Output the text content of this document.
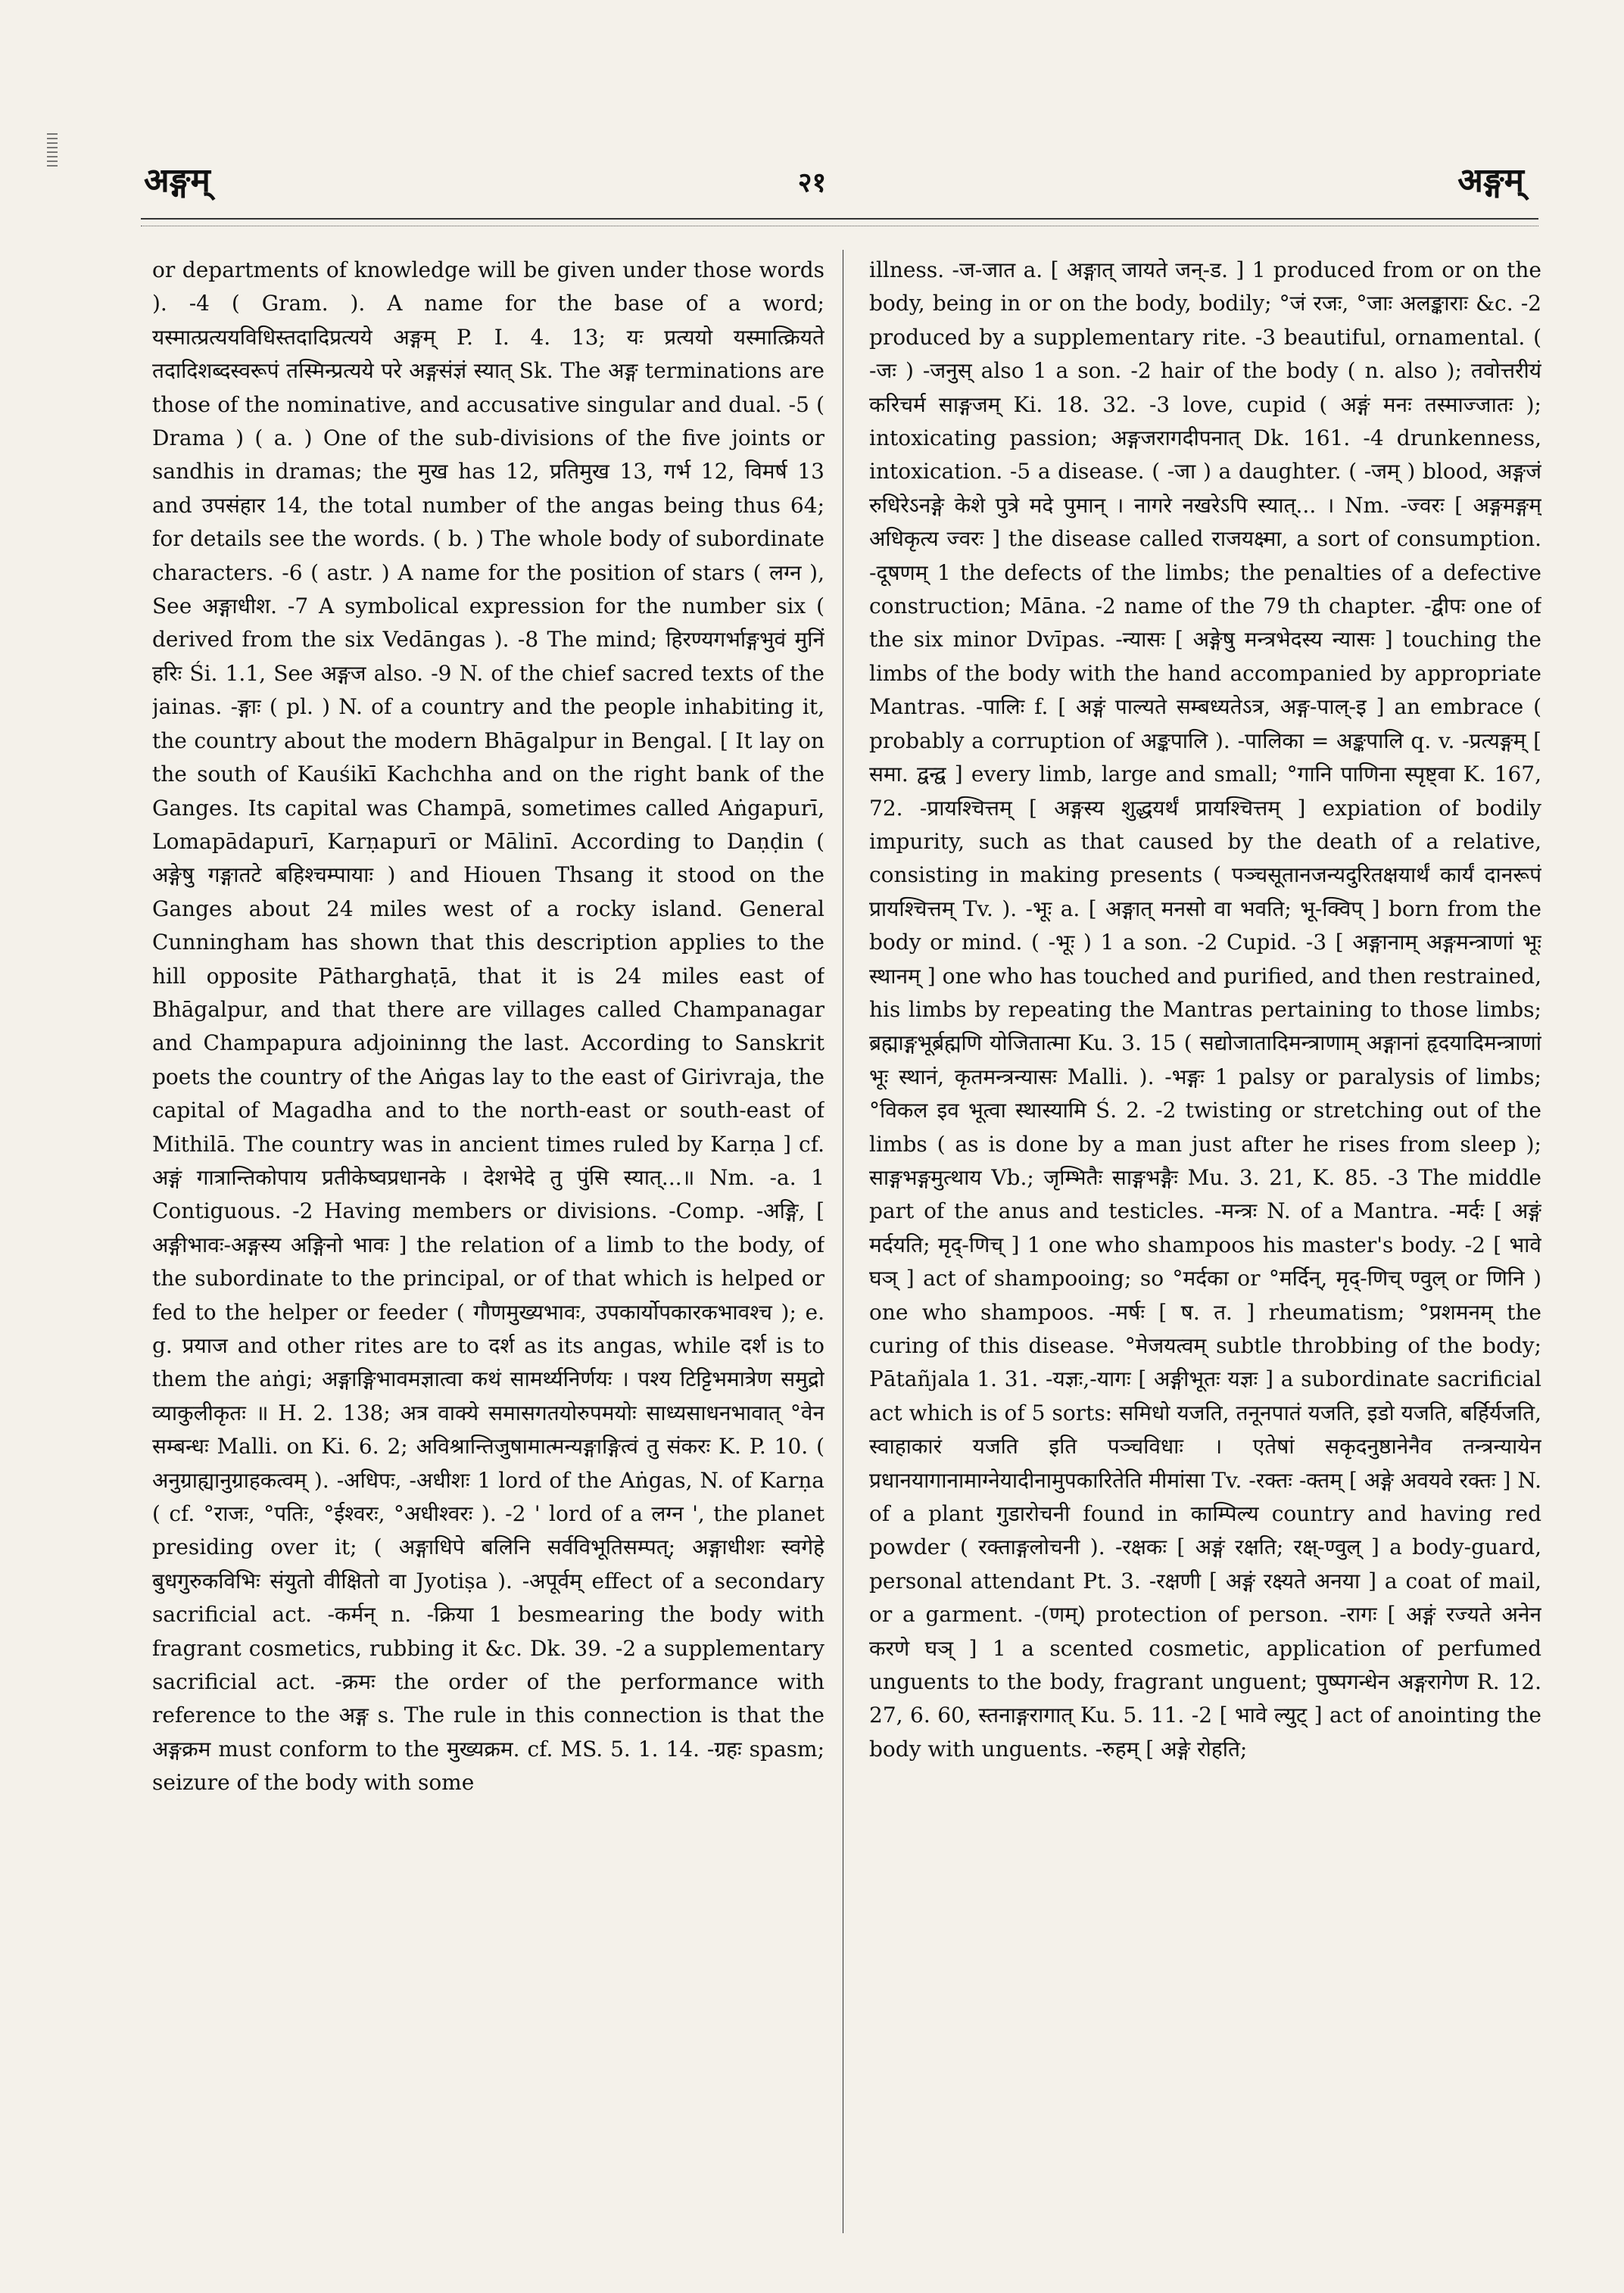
अङ्गम्	२१	अङ्गम्

or departments of knowledge will be given under those words ). -4 ( Gram. ). A name for the base of a word; यस्मात्प्रत्ययविधिस्तदादिप्रत्यये अङ्गम् P. I. 4. 13; यः प्रत्ययो यस्मात्क्रियते तदादिशब्दस्वरूपं तस्मिन्प्रत्यये परे अङ्गसंज्ञं स्यात् Sk. The अङ्ग terminations are those of the nominative, and accusative singular and dual. -5 ( Drama ) ( a. ) One of the sub-divisions of the five joints or sandhis in dramas; the मुख has 12, प्रतिमुख 13, गर्भ 12, विमर्ष 13 and उपसंहार 14, the total number of the angas being thus 64; for details see the words. ( b. ) The whole body of subordinate characters. -6 ( astr. ) A name for the position of stars ( लग्न ), See अङ्गाधीश. -7 A symbolical expression for the number six ( derived from the six Vedāngas ). -8 The mind; हिरण्यगर्भाङ्गभुवं मुनिं हरिः Śi. 1.1, See अङ्गज also. -9 N. of the chief sacred texts of the jainas. -ङ्गाः ( pl. ) N. of a country and the people inhabiting it, the country about the modern Bhāgalpur in Bengal. [ It lay on the south of Kauśikī Kachchha and on the right bank of the Ganges. Its capital was Champā, sometimes called Aṅgapurī, Lomapādapurī, Karṇapurī or Mālinī. According to Daṇḍin ( अङ्गेषु गङ्गातटे बहिश्चम्पायाः ) and Hiouen Thsang it stood on the Ganges about 24 miles west of a rocky island. General Cunningham has shown that this description applies to the hill opposite Pātharghaṭā, that it is 24 miles east of Bhāgalpur, and that there are villages called Champanagar and Champapura adjoininng the last. According to Sanskrit poets the country of the Aṅgas lay to the east of Girivraja, the capital of Magadha and to the north-east or south-east of Mithilā. The country was in ancient times ruled by Karṇa ] cf. अङ्गं गात्रान्तिकोपाय प्रतीकेष्वप्रधानके । देशभेदे तु पुंसि स्यात्...॥ Nm. -a. 1 Contiguous. -2 Having members or divisions. -Comp. -अङ्गि, [ अङ्गीभावः-अङ्गस्य अङ्गिनो भावः ] the relation of a limb to the body, of the subordinate to the principal, or of that which is helped or fed to the helper or feeder ( गौणमुख्यभावः, उपकार्योपकारकभावश्च ); e. g. प्रयाज and other rites are to दर्श as its angas, while दर्श is to them the aṅgi; अङ्गाङ्गिभावमज्ञात्वा कथं सामर्थ्यनिर्णयः । पश्य टिट्टिभमात्रेण समुद्रो व्याकुलीकृतः ॥ H. 2. 138; अत्र वाक्ये समासगतयोरुपमयोः साध्यसाधनभावात् °वेन सम्बन्धः Malli. on Ki. 6. 2; अविश्रान्तिजुषामात्मन्यङ्गाङ्गित्वं तु संकरः K. P. 10. ( अनुग्राह्यानुग्राहकत्वम् ). -अधिपः, -अधीशः 1 lord of the Aṅgas, N. of Karṇa ( cf. °राजः, °पतिः, °ईश्वरः, °अधीश्वरः ). -2 ' lord of a लग्न ', the planet presiding over it; ( अङ्गाधिपे बलिनि सर्वविभूतिसम्पत्; अङ्गाधीशः स्वगेहे बुधगुरुकविभिः संयुतो वीक्षितो वा Jyotiṣa ). -अपूर्वम् effect of a secondary sacrificial act. -कर्मन् n. -क्रिया 1 besmearing the body with fragrant cosmetics, rubbing it &c. Dk. 39. -2 a supplementary sacrificial act. -क्रमः the order of the performance with reference to the अङ्ग s. The rule in this connection is that the अङ्गक्रम must conform to the मुख्यक्रम. cf. MS. 5. 1. 14. -ग्रहः spasm; seizure of the body with some

illness. -ज-जात a. [ अङ्गात् जायते जन्-ड. ] 1 produced from or on the body, being in or on the body, bodily; °जं रजः, °जाः अलङ्काराः &c. -2 produced by a supplementary rite. -3 beautiful, ornamental. ( -जः ) -जनुस् also 1 a son. -2 hair of the body ( n. also ); तवोत्तरीयं करिचर्म साङ्गजम् Ki. 18. 32. -3 love, cupid ( अङ्गं मनः तस्माज्जातः ); intoxicating passion; अङ्गजरागदीपनात् Dk. 161. -4 drunkenness, intoxication. -5 a disease. ( -जा ) a daughter. ( -जम् ) blood, अङ्गजं रुधिरेऽनङ्गे केशे पुत्रे मदे पुमान् । नागरे नखरेऽपि स्यात्... । Nm. -ज्वरः [ अङ्गमङ्गम् अधिकृत्य ज्वरः ] the disease called राजयक्ष्मा, a sort of consumption. -दूषणम् 1 the defects of the limbs; the penalties of a defective construction; Māna. -2 name of the 79 th chapter. -द्वीपः one of the six minor Dvīpas. -न्यासः [ अङ्गेषु मन्त्रभेदस्य न्यासः ] touching the limbs of the body with the hand accompanied by appropriate Mantras. -पालिः f. [ अङ्गं पाल्यते सम्बध्यतेऽत्र, अङ्ग-पाल्-इ ] an embrace ( probably a corruption of अङ्कपालि ). -पालिका = अङ्कपालि q. v. -प्रत्यङ्गम् [ समा. द्वन्द्व ] every limb, large and small; °गानि पाणिना स्पृष्ट्वा K. 167, 72. -प्रायश्चित्तम् [ अङ्गस्य शुद्धयर्थं प्रायश्चित्तम् ] expiation of bodily impurity, such as that caused by the death of a relative, consisting in making presents ( पञ्चसूतानजन्यदुरितक्षयार्थं कार्यं दानरूपं प्रायश्चित्तम् Tv. ). -भूः a. [ अङ्गात् मनसो वा भवति; भू-क्विप् ] born from the body or mind. ( -भूः ) 1 a son. -2 Cupid. -3 [ अङ्गानाम् अङ्गमन्त्राणां भूः स्थानम् ] one who has touched and purified, and then restrained, his limbs by repeating the Mantras pertaining to those limbs; ब्रह्माङ्गभूर्ब्रह्मणि योजितात्मा Ku. 3. 15 ( सद्योजातादिमन्त्राणाम् अङ्गानां हृदयादिमन्त्राणां भूः स्थानं, कृतमन्त्रन्यासः Malli. ). -भङ्गः 1 palsy or paralysis of limbs; °विकल इव भूत्वा स्थास्यामि Ś. 2. -2 twisting or stretching out of the limbs ( as is done by a man just after he rises from sleep ); साङ्गभङ्गमुत्थाय Vb.; जृम्भितैः साङ्गभङ्गैः Mu. 3. 21, K. 85. -3 The middle part of the anus and testicles. -मन्त्रः N. of a Mantra. -मर्दः [ अङ्गं मर्दयति; मृद्-णिच् ] 1 one who shampoos his master's body. -2 [ भावे घञ् ] act of shampooing; so °मर्दका or °मर्दिन्, मृद्-णिच् ण्वुल् or णिनि ) one who shampoos. -मर्षः [ ष. त. ] rheumatism; °प्रशमनम् the curing of this disease. °मेजयत्वम् subtle throbbing of the body; Pātañjala 1. 31. -यज्ञः,-यागः [ अङ्गीभूतः यज्ञः ] a subordinate sacrificial act which is of 5 sorts: समिधो यजति, तनूनपातं यजति, इडो यजति, बर्हिर्यजति, स्वाहाकारं यजति इति पञ्चविधाः । एतेषां सकृदनुष्ठानेनैव तन्त्रन्यायेन प्रधानयागानामाग्नेयादीनामुपकारितेति मीमांसा Tv. -रक्तः -क्तम् [ अङ्गे अवयवे रक्तः ] N. of a plant गुडारोचनी found in काम्पिल्य country and having red powder ( रक्ताङ्गलोचनी ). -रक्षकः [ अङ्गं रक्षति; रक्ष्-ण्वुल् ] a body-guard, personal attendant Pt. 3. -रक्षणी [ अङ्गं रक्ष्यते अनया ] a coat of mail, or a garment. -(णम्) protection of person. -रागः [ अङ्गं रज्यते अनेन करणे घञ् ] 1 a scented cosmetic, application of perfumed unguents to the body, fragrant unguent; पुष्पगन्धेन अङ्गरागेण R. 12. 27, 6. 60, स्तनाङ्गरागात् Ku. 5. 11. -2 [ भावे ल्युट् ] act of anointing the body with unguents. -रुहम् [ अङ्गे रोहति;
